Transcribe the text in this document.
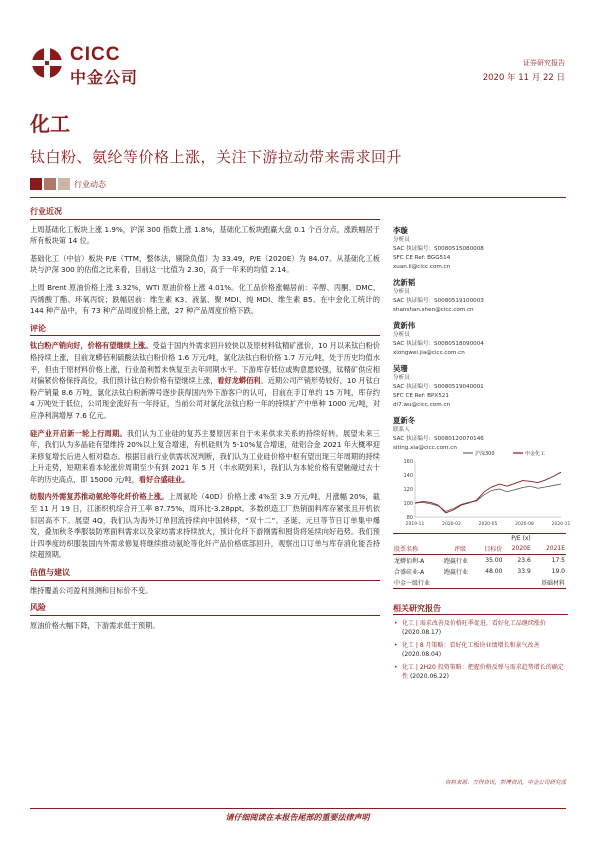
CICC
中金公司
证券研究报告
2020 年 11 月 22 日
化工
钛白粉、氨纶等价格上涨，关注下游拉动带来需求回升
行业动态
行业近况

上周基础化工板块上涨 1.9%，沪深 300 指数上涨 1.8%，基础化工板块跑赢大盘 0.1 个百分点，涨跌幅居于所有板块第 14 位。

基础化工（中信）板块 P/E（TTM，整体法，剔除负值）为 33.49，P/E（2020E）为 84.07。从基础化工板块与沪深 300 的估值之比来看，目前这一比值为 2.30，高于一年来的均值 2.14。

上周 Brent 原油价格上涨 3.32%，WTI 原油价格上涨 4.01%。化工品价格涨幅居前：辛醇、丙酮、DMC、丙烯酸丁酯、环氧丙烷；跌幅居前：维生素 K3、液氯、聚 MDI、纯 MDI、维生素 B5。在中金化工统计的 144 种产品中，有 73 种产品周度价格上涨，27 种产品周度价格下跌。

评论

钛白粉产销向好，价格有望继续上涨。受益于国内外需求回升较快以及原材料钛精矿涨价，10 月以来钛白粉价格持续上涨，目前龙蟒佰利硫酸法钛白粉价格 1.6 万元/吨，氯化法钛白粉价格 1.7 万元/吨，处于历史均值水平，但由于原材料价格上涨，行业盈利暂未恢复至去年同期水平。下游库存低位或购意愿较强，钛精矿供应相对偏紧价格保持高位，我们预计钛白粉价格有望继续上涨，看好龙蟒佰利。近期公司产销形势较好，10 月钛白粉产销量 8.6 万吨，氯化法钛白粉新牌号逐步获得国内外下游客户的认可，目前在手订单约 15 万吨，库存约 4 万吨处于低位，公司现金流好有一年持证，当前公司对氯化法钛白粉一年的持续扩产中单种 1000 元/吨，对应净利润增厚 7.6 亿元。

硅产业开启新一轮上行周期。我们认为工业硅的复苏主要原因来自于未来供求关系的持续好转。展望未来三年，我们认为多晶硅有望维持 20%以上复合增速，有机硅则为 5-10%复合增速，硅铝合金 2021 年大概率迎来修复增长后进入相对稳态。根据目前行业供需状况判断，我们认为工业硅价格中枢有望出现三年周期的持续上升走势，短期来看本轮涨价周期至少有到 2021 年 5 月（丰水期到来），我们认为本轮价格有望触碰过去十年的历史高点，即 15000 元/吨，看好合盛硅业。

纺服内外需复苏推动氨纶等化纤价格上涨。上周氨纶（40D）价格上涨 4%至 3.9 万元/吨，月涨幅 20%，截至 11 月 19 日，江浙织机综合开工率 87.75%，周环比-3.28ppt。多数织造工厂热销面料库存紧张且开机依旧居高不下。展望 4Q，我们认为海外订单回流持续向中国转移，“双十二”、圣诞、元旦等节日订单集中爆发，叠加秋冬季服装防寒面料需求以及家纺需求持续放大，预计化纤下游刚需和囤货将延续向好趋势。我们预计四季度纺织服装国内外需求修复将继续推动氨纶等化纤产品价格底部回升，观察出口订单与库存消化能否持续超预期。

估值与建议

维持覆盖公司盈利预测和目标价不变。

风险

原油价格大幅下降，下游需求低于预期。

李璇
分析员
SAC 执证编号：S0080515080008
SFC CE Ref: BGG514
xuan.li@cicc.com.cn
沈新韬
分析员
SAC 执证编号：S0080519100003
shanshan.shen@cicc.com.cn
黄新伟
分析员
SAC 执证编号：S0080518090004
xiongwei.jia@cicc.com.cn
吴珊
分析员
SAC 执证编号：S0080519040001
SFC CE Ref: BPX521
di7.wu@cicc.com.cn
夏新冬
联系人
SAC 执证编号：S0080120070146
siting.xia@cicc.com.cn
80
100
120
140
160
2019-11	2020-02	2020-05	2020-08	2020-11
沪深300	申金化工
			P/E (x)	
股票名称	评级	目标价	2020E	2021E
龙蟒佰利-A	跑赢行业	35.00	23.6	17.5
合盛硅业-A	跑赢行业	48.00	33.9	19.0
中金一级行业				基础材料
相关研究报告
• 化工 | 需求改善及价格旺季促进，看好化工品继续涨价 (2020.08.17)
• 化工 | 8 月策略：看好化工板块业绩增长和景气改善 (2020.08.04)
• 化工 | 2H20 投资策略：把握价格反弹与需求趋势增长的确定性 (2020.06.22)
资料来源：万得资讯，彭博资讯，中金公司研究部
请仔细阅读在本报告尾部的重要法律声明
